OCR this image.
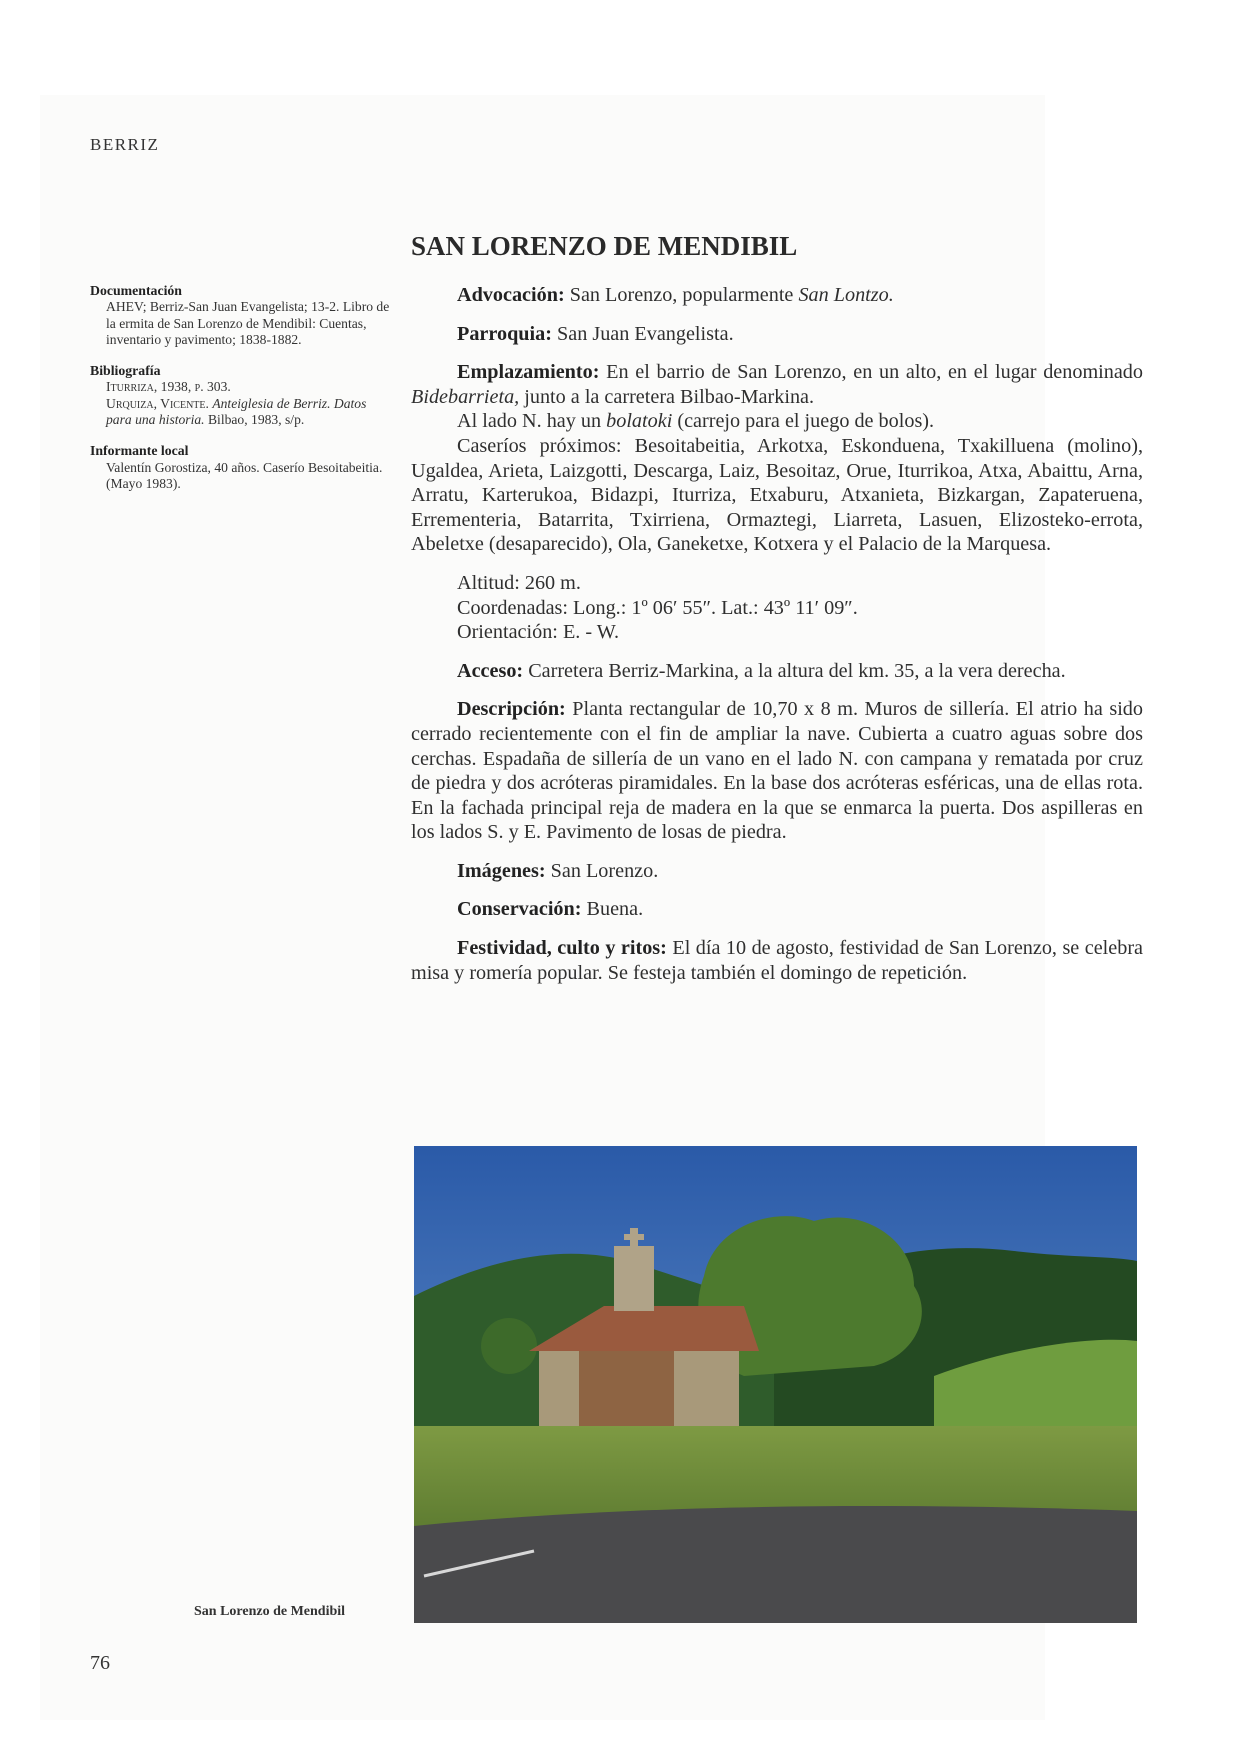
BERRIZ
Documentación

AHEV; Berriz-San Juan Evangelista; 13-2. Libro de la ermita de San Lorenzo de Mendibil: Cuentas, inventario y pavimento; 1838-1882.

Bibliografía

Iturriza, 1938, p. 303.

Urquiza, Vicente. Anteiglesia de Berriz. Datos para una historia. Bilbao, 1983, s/p.

Informante local

Valentín Gorostiza, 40 años. Caserío Besoitabeitia. (Mayo 1983).

SAN LORENZO DE MENDIBIL

Advocación: San Lorenzo, popularmente San Lontzo.

Parroquia: San Juan Evangelista.

Emplazamiento: En el barrio de San Lorenzo, en un alto, en el lugar denominado Bidebarrieta, junto a la carretera Bilbao-Markina.

Al lado N. hay un bolatoki (carrejo para el juego de bolos).

Caseríos próximos: Besoitabeitia, Arkotxa, Eskonduena, Txakilluena (molino), Ugaldea, Arieta, Laizgotti, Descarga, Laiz, Besoitaz, Orue, Iturrikoa, Atxa, Abaittu, Arna, Arratu, Karterukoa, Bidazpi, Iturriza, Etxaburu, Atxanieta, Bizkargan, Zapateruena, Errementeria, Batarrita, Txirriena, Ormaztegi, Liarreta, Lasuen, Elizosteko-errota, Abeletxe (desaparecido), Ola, Ganeketxe, Kotxera y el Palacio de la Marquesa.

Altitud: 260 m.

Coordenadas: Long.: 1º 06′ 55″. Lat.: 43º 11′ 09″.

Orientación: E. - W.

Acceso: Carretera Berriz-Markina, a la altura del km. 35, a la vera derecha.

Descripción: Planta rectangular de 10,70 x 8 m. Muros de sillería. El atrio ha sido cerrado recientemente con el fin de ampliar la nave. Cubierta a cuatro aguas sobre dos cerchas. Espadaña de sillería de un vano en el lado N. con campana y rematada por cruz de piedra y dos acróteras piramidales. En la base dos acróteras esféricas, una de ellas rota. En la fachada principal reja de madera en la que se enmarca la puerta. Dos aspilleras en los lados S. y E. Pavimento de losas de piedra.

Imágenes: San Lorenzo.

Conservación: Buena.

Festividad, culto y ritos: El día 10 de agosto, festividad de San Lorenzo, se celebra misa y romería popular. Se festeja también el domingo de repetición.

San Lorenzo de Mendibil
76
